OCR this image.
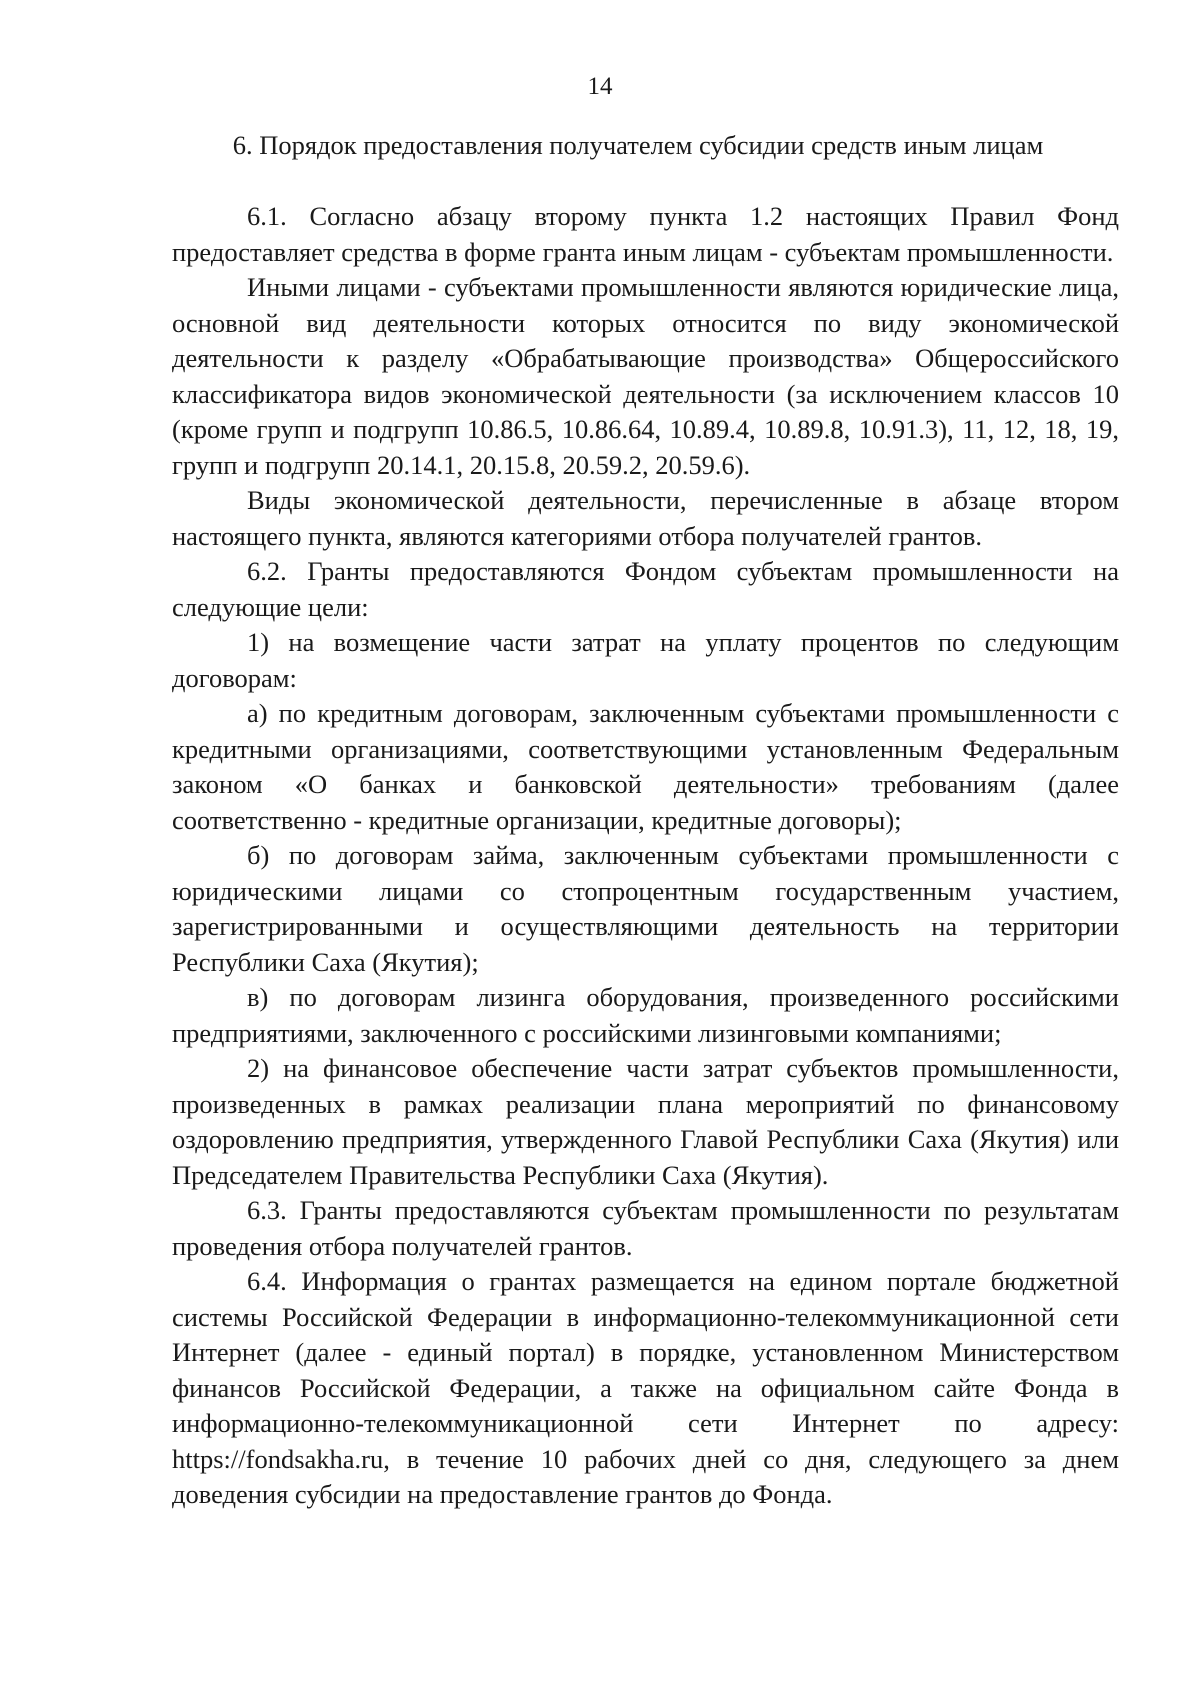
14
6. Порядок предоставления получателем субсидии средств иным лицам

6.1. Согласно абзацу второму пункта 1.2 настоящих Правил Фонд предоставляет средства в форме гранта иным лицам - субъектам промышленности.

Иными лицами - субъектами промышленности являются юридические лица, основной вид деятельности которых относится по виду экономической деятельности к разделу «Обрабатывающие производства» Общероссийского классификатора видов экономической деятельности (за исключением классов 10 (кроме групп и подгрупп 10.86.5, 10.86.64, 10.89.4, 10.89.8, 10.91.3), 11, 12, 18, 19, групп и подгрупп 20.14.1, 20.15.8, 20.59.2, 20.59.6).

Виды экономической деятельности, перечисленные в абзаце втором настоящего пункта, являются категориями отбора получателей грантов.

6.2. Гранты предоставляются Фондом субъектам промышленности на следующие цели:

1) на возмещение части затрат на уплату процентов по следующим договорам:

а) по кредитным договорам, заключенным субъектами промышленности с кредитными организациями, соответствующими установленным Федеральным законом «О банках и банковской деятельности» требованиям (далее соответственно - кредитные организации, кредитные договоры);

б) по договорам займа, заключенным субъектами промышленности с юридическими лицами со стопроцентным государственным участием, зарегистрированными и осуществляющими деятельность на территории Республики Саха (Якутия);

в) по договорам лизинга оборудования, произведенного российскими предприятиями, заключенного с российскими лизинговыми компаниями;

2) на финансовое обеспечение части затрат субъектов промышленности, произведенных в рамках реализации плана мероприятий по финансовому оздоровлению предприятия, утвержденного Главой Республики Саха (Якутия) или Председателем Правительства Республики Саха (Якутия).

6.3. Гранты предоставляются субъектам промышленности по результатам проведения отбора получателей грантов.

6.4. Информация о грантах размещается на едином портале бюджетной системы Российской Федерации в информационно-телекоммуникационной сети Интернет (далее - единый портал) в порядке, установленном Министерством финансов Российской Федерации, а также на официальном сайте Фонда в информационно-телекоммуникационной сети Интернет по адресу: https://fondsakha.ru, в течение 10 рабочих дней со дня, следующего за днем доведения субсидии на предоставление грантов до Фонда.
